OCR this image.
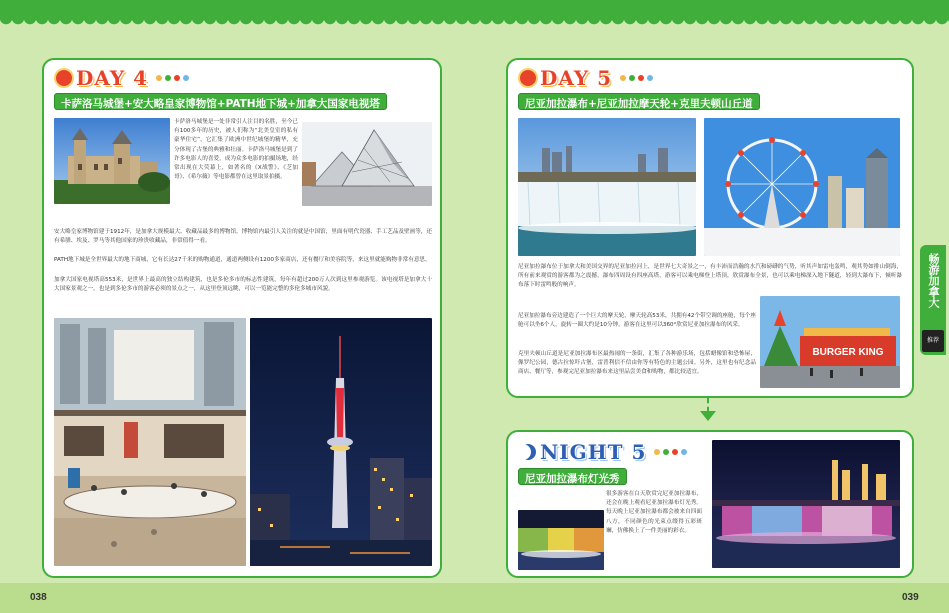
038	039
DAY 4
卡萨洛马城堡+安大略皇家博物馆+PATH地下城+加拿大国家电视塔
卡萨洛马城堡是一处非常引人注目的名胜，至今已有100多年的历史，被人们称为“北美皇室的私有豪华住宅”，它汇集了欧洲中世纪城堡的精华，充分体现了古堡的典雅和壮丽。卡萨洛马城堡是到了许多电影人的喜爱，成为众多电影的拍摄场地，经常出现在大荧幕上，如著名的《X战警》、《芝加哥》、《希尔薇》等电影都曾在这里取景拍摄。
安大略皇家博物馆建于1912年，是加拿大规模最大、收藏品最多的博物馆。博物馆内最引人关注的就是中国馆，里面有明代瓷器、手工艺品及壁画等，还有希腊、埃及、罗马等其他国家的珍贵收藏品，非常值得一看。
PATH地下城是全世界最大的地下商城，它有长达27千米的购物通道，通道两侧设有1200多家商店，还有餐厅和美容院等，来这里就能购物非常有意思。
加拿大国家电视塔高553米，是世界上最高的独立结构建筑，也是多伦多市的标志性建筑，每年有超过200万人次到这里参观游览。该电视塔是加拿大十大国家景观之一，也是到多伦多市的游客必须的景点之一，从这里登顶远眺，可以一览能完整的多伦多城市风貌。
DAY 5
尼亚加拉瀑布+尼亚加拉摩天轮+克里夫顿山丘道
尼亚加拉瀑布位于加拿大和美国交界的尼亚加拉河上，是世界七大奇景之一，有丰沛而浩瀚的水汽和磅礴的气势，听其声如雷电轰鸣，观其势如排山倒海，所有前来观赏的游客都为之震撼。瀑布四周设有四座高塔，游客可以乘电梯登上塔顶，欣赏瀑布全景，也可以乘电梯深入地下隧道，轻到大瀑布下，倾听瀑布落下时雷鸣般的响声。
尼亚加拉瀑布旁边建造了一个巨大的摩天轮，摩天轮高53米，共拥有42个带空调的座舱，每个座舱可以坐6个人，旋转一圈大约是10分钟，游客在这里可以360°欣赏尼亚加拉瀑布的风采。
克里夫顿山丘道是尼亚加拉瀑布区最热闹的一条街，汇集了各种游乐场，包括蜡像馆和恐怖屋，像罗纪公园，德古拉惊吓古堡，雷普利信不信由你等有特色的主题公园。另外，这里也有纪念品商店、餐厅等，参观完尼亚加拉瀑布来这里品尝美食和购物，都比较适宜。
BURGER KING
畅游加拿大
推荐
NIGHT 5
尼亚加拉瀑布灯光秀
很多游客在白天欣赏完尼亚加拉瀑布，还会在晚上观看尼亚加拉瀑布灯光秀。每天晚上尼亚加拉瀑布都会被来自四面八方，不同颜色的光束点缀得五彩斑斓，仿佛换上了一件美丽的彩衣。
